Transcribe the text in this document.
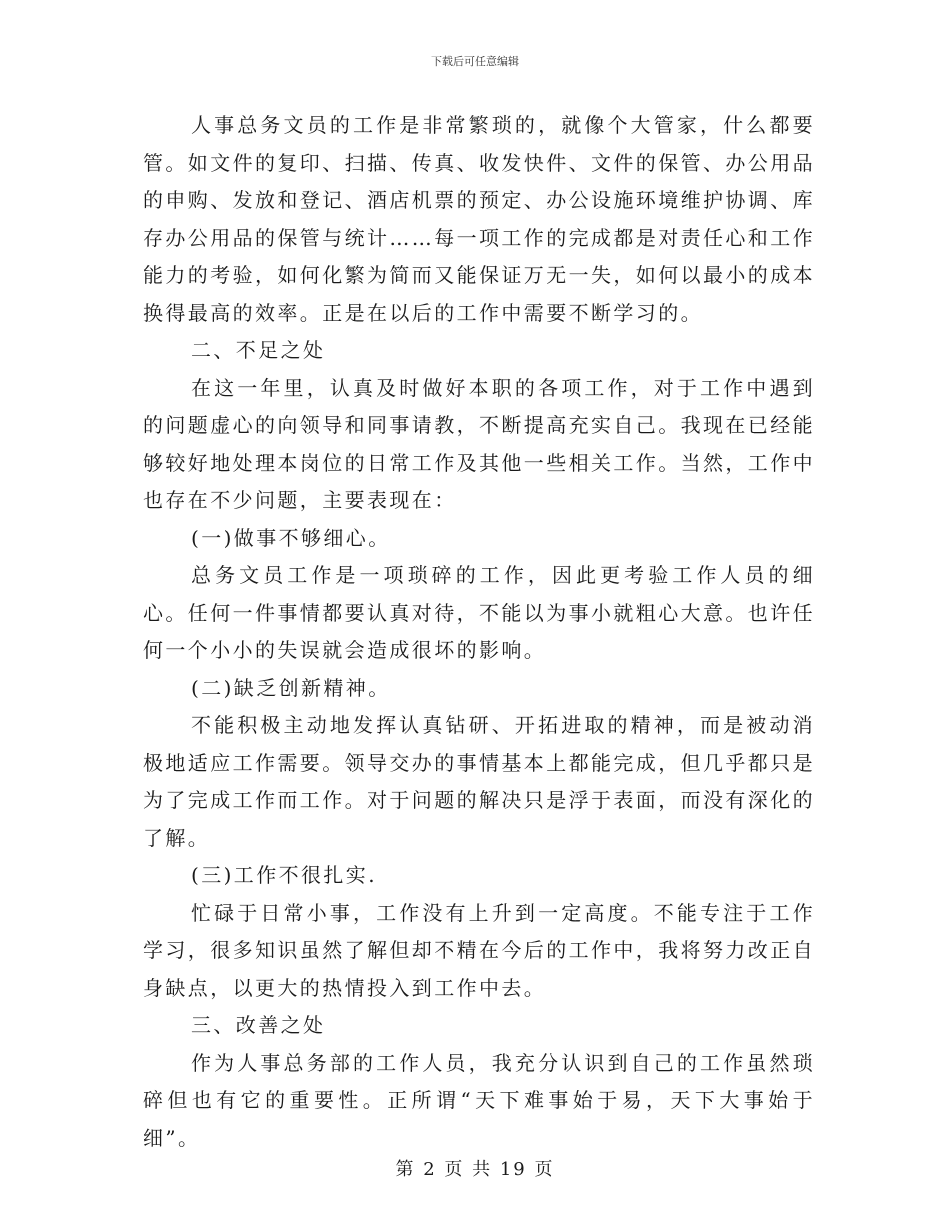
下载后可任意编辑

人事总务文员的工作是非常繁琐的，就像个大管家，什么都要管。如文件的复印、扫描、传真、收发快件、文件的保管、办公用品的申购、发放和登记、酒店机票的预定、办公设施环境维护协调、库存办公用品的保管与统计……每一项工作的完成都是对责任心和工作能力的考验，如何化繁为简而又能保证万无一失，如何以最小的成本换得最高的效率。正是在以后的工作中需要不断学习的。

二、不足之处

在这一年里，认真及时做好本职的各项工作，对于工作中遇到的问题虚心的向领导和同事请教，不断提高充实自己。我现在已经能够较好地处理本岗位的日常工作及其他一些相关工作。当然，工作中也存在不少问题，主要表现在：

(一)做事不够细心。

总务文员工作是一项琐碎的工作，因此更考验工作人员的细心。任何一件事情都要认真对待，不能以为事小就粗心大意。也许任何一个小小的失误就会造成很坏的影响。

(二)缺乏创新精神。

不能积极主动地发挥认真钻研、开拓进取的精神，而是被动消极地适应工作需要。领导交办的事情基本上都能完成，但几乎都只是为了完成工作而工作。对于问题的解决只是浮于表面，而没有深化的了解。

(三)工作不很扎实.

忙碌于日常小事，工作没有上升到一定高度。不能专注于工作学习，很多知识虽然了解但却不精在今后的工作中，我将努力改正自身缺点，以更大的热情投入到工作中去。

三、改善之处

作为人事总务部的工作人员，我充分认识到自己的工作虽然琐碎但也有它的重要性。正所谓“天下难事始于易，天下大事始于细”。

第 2 页 共 19 页
